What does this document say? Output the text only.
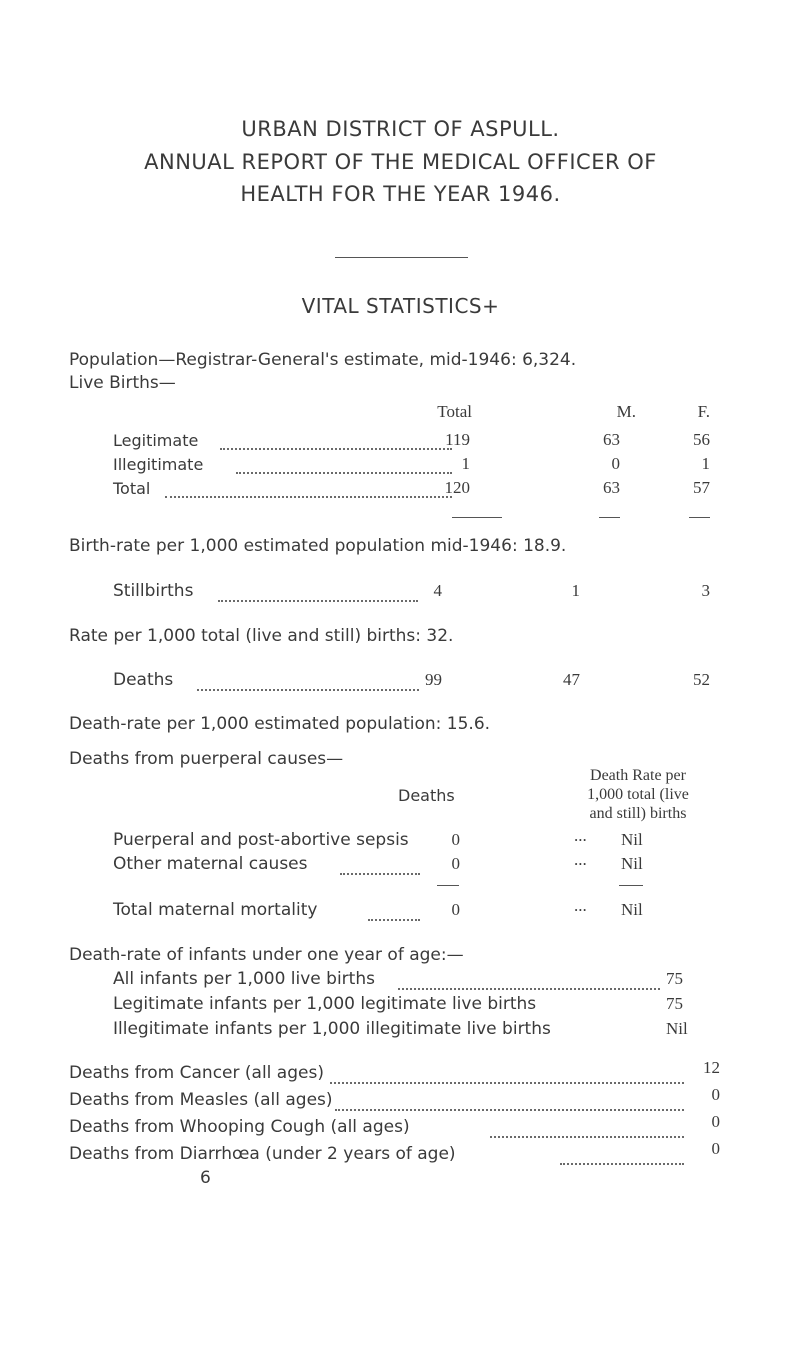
URBAN DISTRICT OF ASPULL.
ANNUAL REPORT OF THE MEDICAL OFFICER OF
HEALTH FOR THE YEAR 1946.
VITAL STATISTICS+
Population—Registrar-General's estimate, mid-1946: 6,324.
Live Births—
Total	M.	F.
Legitimate	119	63	56
Illegitimate	1	0	1
Total	120	63	57
Birth-rate per 1,000 estimated population mid-1946: 18.9.
Stillbirths	4	1	3
Rate per 1,000 total (live and still) births: 32.
Deaths	99	47	52
Death-rate per 1,000 estimated population: 15.6.
Deaths from puerperal causes—
Death Rate per
Deaths	1,000 total (live
and still) births
Puerperal and post-abortive sepsis	0	... Nil
Other maternal causes	0	... Nil
Total maternal mortality	0	... Nil
Death-rate of infants under one year of age:—
All infants per 1,000 live births	75
Legitimate infants per 1,000 legitimate live births	75
Illegitimate infants per 1,000 illegitimate live births	Nil
Deaths from Cancer (all ages)	12
Deaths from Measles (all ages)	0
Deaths from Whooping Cough (all ages)	0
Deaths from Diarrhœa (under 2 years of age)	0
6
